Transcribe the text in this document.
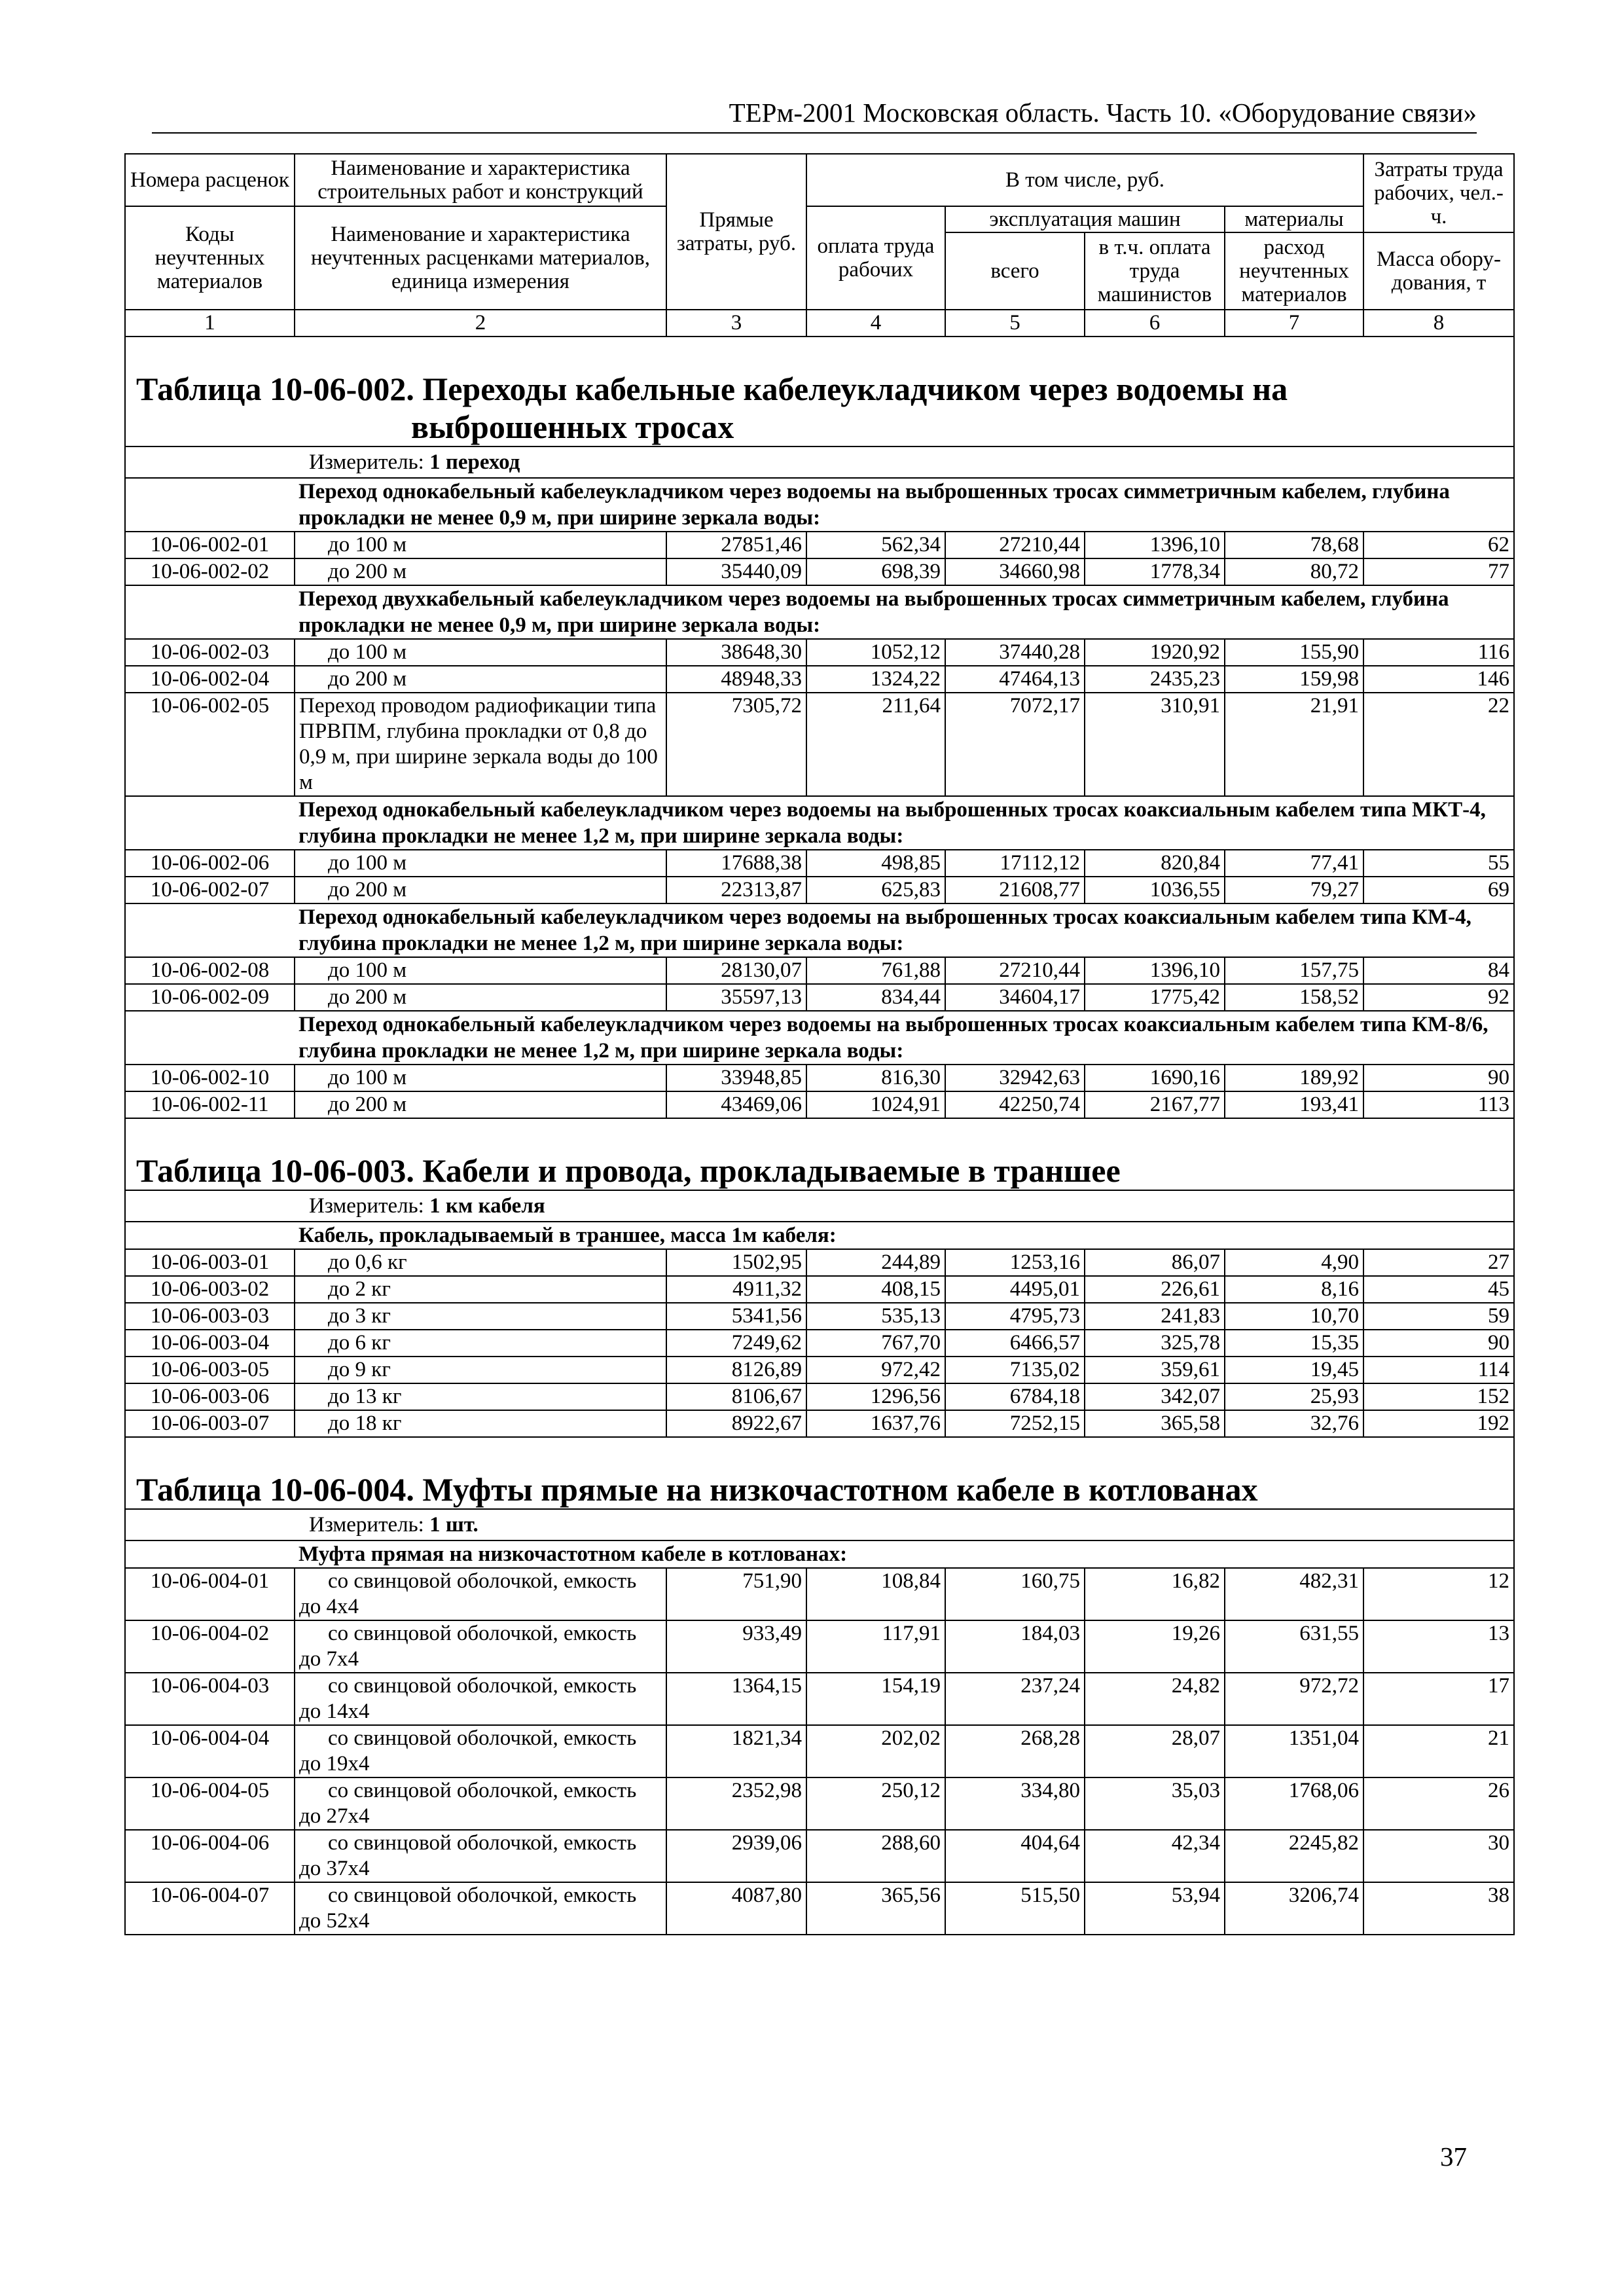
ТЕРм-2001 Московская область. Часть 10. «Оборудование связи»
Номера расценок	Наименование и характеристика строительных работ и конструкций	Прямые затраты, руб.	В том числе, руб.				Затраты труда рабочих, чел.-ч.
Коды неучтенных материалов	Наименование и характеристика неучтенных расценками материалов, единица измерения		оплата труда рабочих	эксплуатация машин		материалы	
				всего	в т.ч. оплата труда машинистов	расход неучтенных материалов	Масса обору-дования, т
1	2	3	4	5	6	7	8
Таблица 10-06-002. Переходы кабельные кабелеукладчиком через водоемы на
выброшенных тросах							

Измеритель: 1 переход							
	Переход однокабельный кабелеукладчиком через водоемы на выброшенных тросах симметричным кабелем, глубина прокладки не менее 0,9 м, при ширине зеркала воды:						
10-06-002-01	до 100 м	27851,46	562,34	27210,44	1396,10	78,68	62
10-06-002-02	до 200 м	35440,09	698,39	34660,98	1778,34	80,72	77
	Переход двухкабельный кабелеукладчиком через водоемы на выброшенных тросах симметричным кабелем, глубина прокладки не менее 0,9 м, при ширине зеркала воды:						
10-06-002-03	до 100 м	38648,30	1052,12	37440,28	1920,92	155,90	116
10-06-002-04	до 200 м	48948,33	1324,22	47464,13	2435,23	159,98	146
10-06-002-05	Переход проводом радиофикации типа ПРВПМ, глубина прокладки от 0,8 до 0,9 м, при ширине зеркала воды до 100 м	7305,72	211,64	7072,17	310,91	21,91	22
	Переход однокабельный кабелеукладчиком через водоемы на выброшенных тросах коаксиальным кабелем типа МКТ-4, глубина прокладки не менее 1,2 м, при ширине зеркала воды:						
10-06-002-06	до 100 м	17688,38	498,85	17112,12	820,84	77,41	55
10-06-002-07	до 200 м	22313,87	625,83	21608,77	1036,55	79,27	69
	Переход однокабельный кабелеукладчиком через водоемы на выброшенных тросах коаксиальным кабелем типа КМ-4, глубина прокладки не менее 1,2 м, при ширине зеркала воды:						
10-06-002-08	до 100 м	28130,07	761,88	27210,44	1396,10	157,75	84
10-06-002-09	до 200 м	35597,13	834,44	34604,17	1775,42	158,52	92
	Переход однокабельный кабелеукладчиком через водоемы на выброшенных тросах коаксиальным кабелем типа КМ-8/6, глубина прокладки не менее 1,2 м, при ширине зеркала воды:						
10-06-002-10	до 100 м	33948,85	816,30	32942,63	1690,16	189,92	90
10-06-002-11	до 200 м	43469,06	1024,91	42250,74	2167,77	193,41	113
Таблица 10-06-003. Кабели и провода, прокладываемые в траншее							
Измеритель: 1 км кабеля							
	Кабель, прокладываемый в траншее, масса 1м кабеля:						
10-06-003-01	до 0,6 кг	1502,95	244,89	1253,16	86,07	4,90	27
10-06-003-02	до 2 кг	4911,32	408,15	4495,01	226,61	8,16	45
10-06-003-03	до 3 кг	5341,56	535,13	4795,73	241,83	10,70	59
10-06-003-04	до 6 кг	7249,62	767,70	6466,57	325,78	15,35	90
10-06-003-05	до 9 кг	8126,89	972,42	7135,02	359,61	19,45	114
10-06-003-06	до 13 кг	8106,67	1296,56	6784,18	342,07	25,93	152
10-06-003-07	до 18 кг	8922,67	1637,76	7252,15	365,58	32,76	192
Таблица 10-06-004. Муфты прямые на низкочастотном кабеле в котлованах							
Измеритель: 1 шт.							
	Муфта прямая на низкочастотном кабеле в котлованах:						
10-06-004-01	со свинцовой оболочкой, емкость до 4х4	751,90	108,84	160,75	16,82	482,31	12
10-06-004-02	со свинцовой оболочкой, емкость до 7х4	933,49	117,91	184,03	19,26	631,55	13
10-06-004-03	со свинцовой оболочкой, емкость до 14х4	1364,15	154,19	237,24	24,82	972,72	17
10-06-004-04	со свинцовой оболочкой, емкость до 19х4	1821,34	202,02	268,28	28,07	1351,04	21
10-06-004-05	со свинцовой оболочкой, емкость до 27х4	2352,98	250,12	334,80	35,03	1768,06	26
10-06-004-06	со свинцовой оболочкой, емкость до 37х4	2939,06	288,60	404,64	42,34	2245,82	30
10-06-004-07	со свинцовой оболочкой, емкость до 52х4	4087,80	365,56	515,50	53,94	3206,74	38
37
